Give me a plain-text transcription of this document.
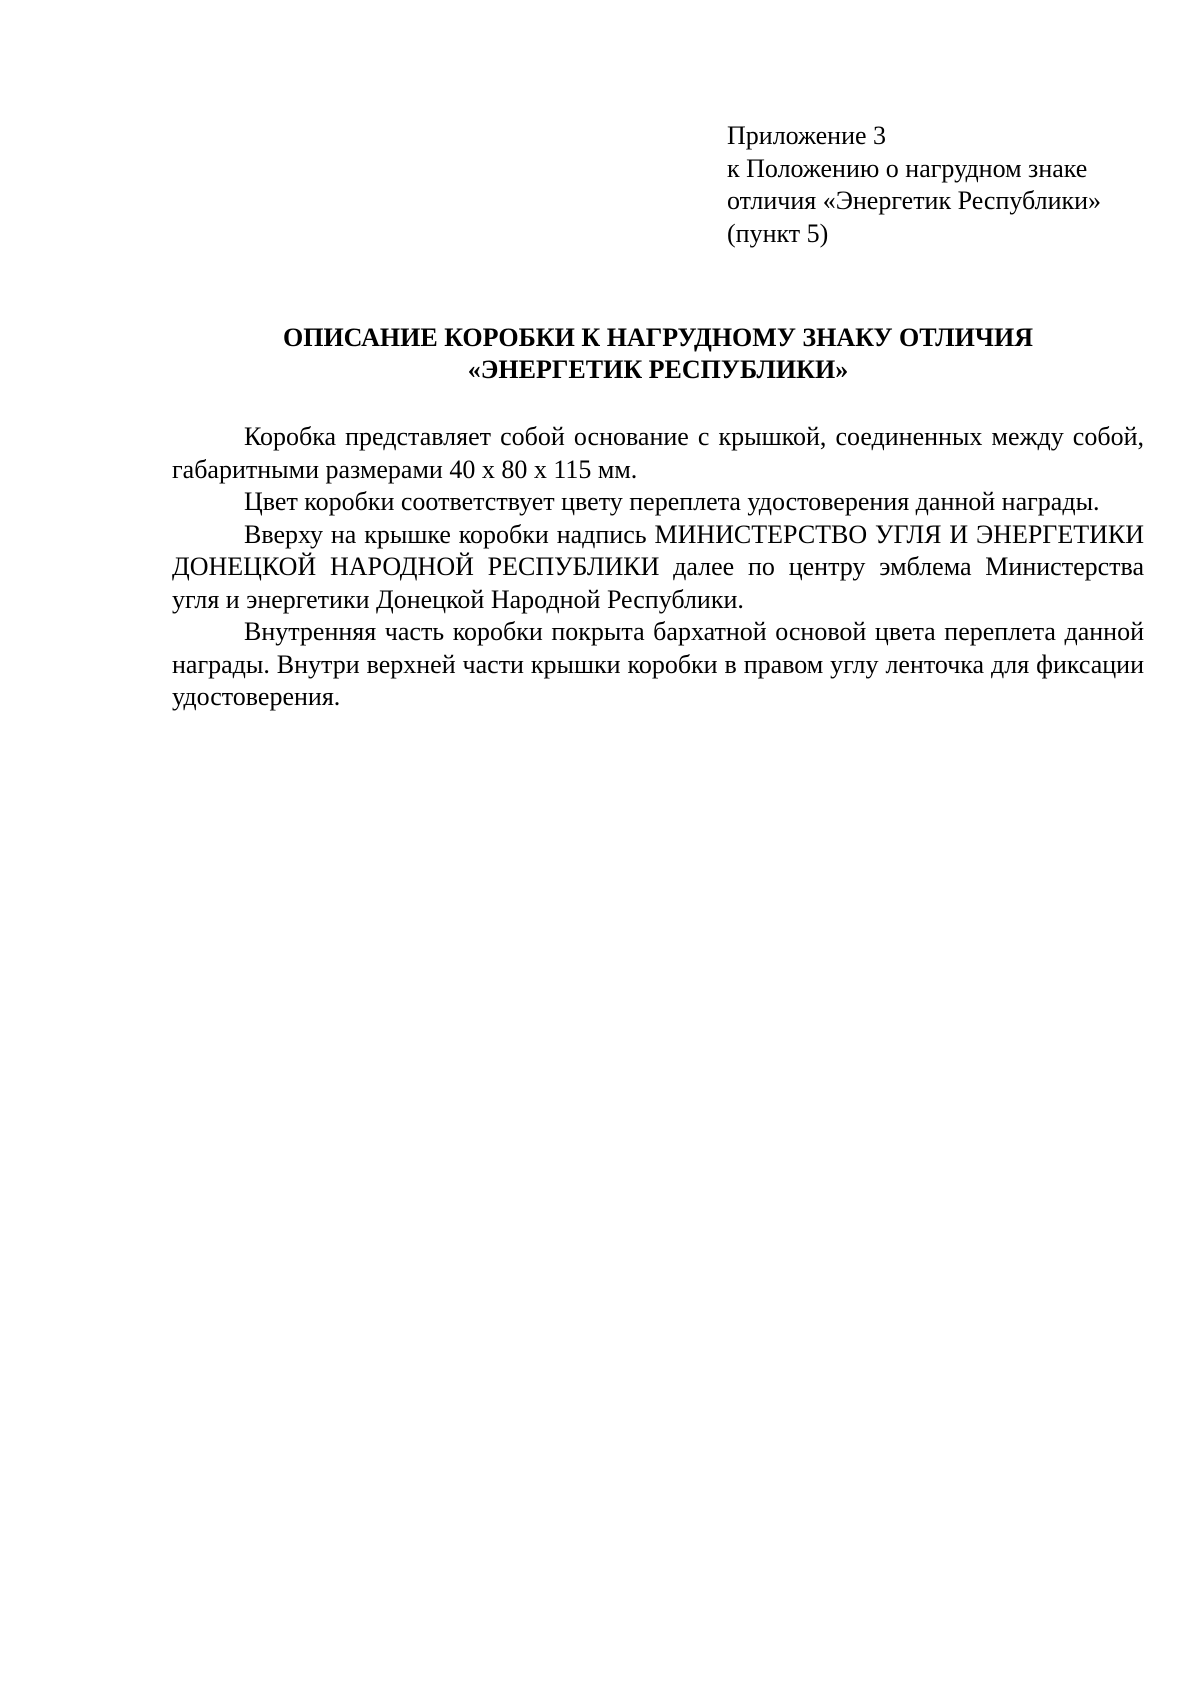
Приложение 3
к Положению о нагрудном знаке
отличия «Энергетик Республики»
(пункт 5)
ОПИСАНИЕ КОРОБКИ К НАГРУДНОМУ ЗНАКУ ОТЛИЧИЯ
«ЭНЕРГЕТИК РЕСПУБЛИКИ»

Коробка представляет собой основание с крышкой, соединенных между собой, габаритными размерами 40 х 80 х 115 мм.

Цвет коробки соответствует цвету переплета удостоверения данной награды.

Вверху на крышке коробки надпись МИНИСТЕРСТВО УГЛЯ И ЭНЕРГЕТИКИ ДОНЕЦКОЙ НАРОДНОЙ РЕСПУБЛИКИ далее по центру эмблема Министерства угля и энергетики Донецкой Народной Республики.

Внутренняя часть коробки покрыта бархатной основой цвета переплета данной награды. Внутри верхней части крышки коробки в правом углу ленточка для фиксации удостоверения.
